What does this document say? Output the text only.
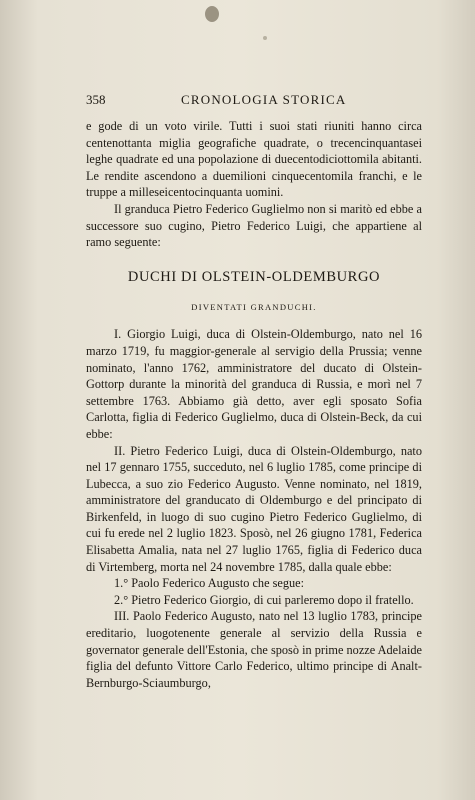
358	CRONOLOGIA STORICA

e gode di un voto virile. Tutti i suoi stati riuniti hanno circa centenottanta miglia geografiche quadrate, o trecencinquantasei leghe quadrate ed una popolazione di duecentodiciottomila abitanti. Le rendite ascendono a duemilioni cinquecentomila franchi, e le truppe a milleseicentocinquanta uomini.

Il granduca Pietro Federico Guglielmo non si maritò ed ebbe a successore suo cugino, Pietro Federico Luigi, che appartiene al ramo seguente:

DUCHI DI OLSTEIN-OLDEMBURGO
DIVENTATI GRANDUCHI.

I. Giorgio Luigi, duca di Olstein-Oldemburgo, nato nel 16 marzo 1719, fu maggior-generale al servigio della Prussia; venne nominato, l'anno 1762, amministratore del ducato di Olstein-Gottorp durante la minorità del granduca di Russia, e morì nel 7 settembre 1763. Abbiamo già detto, aver egli sposato Sofia Carlotta, figlia di Federico Guglielmo, duca di Olstein-Beck, da cui ebbe:

II. Pietro Federico Luigi, duca di Olstein-Oldemburgo, nato nel 17 gennaro 1755, succeduto, nel 6 luglio 1785, come principe di Lubecca, a suo zio Federico Augusto. Venne nominato, nel 1819, amministratore del granducato di Oldemburgo e del principato di Birkenfeld, in luogo di suo cugino Pietro Federico Guglielmo, di cui fu erede nel 2 luglio 1823. Sposò, nel 26 giugno 1781, Federica Elisabetta Amalia, nata nel 27 luglio 1765, figlia di Federico duca di Virtemberg, morta nel 24 novembre 1785, dalla quale ebbe:

1.° Paolo Federico Augusto che segue:

2.° Pietro Federico Giorgio, di cui parleremo dopo il fratello.

III. Paolo Federico Augusto, nato nel 13 luglio 1783, principe ereditario, luogotenente generale al servizio della Russia e governator generale dell'Estonia, che sposò in prime nozze Adelaide figlia del defunto Vittore Carlo Federico, ultimo principe di Analt-Bernburgo-Sciaumburgo,
